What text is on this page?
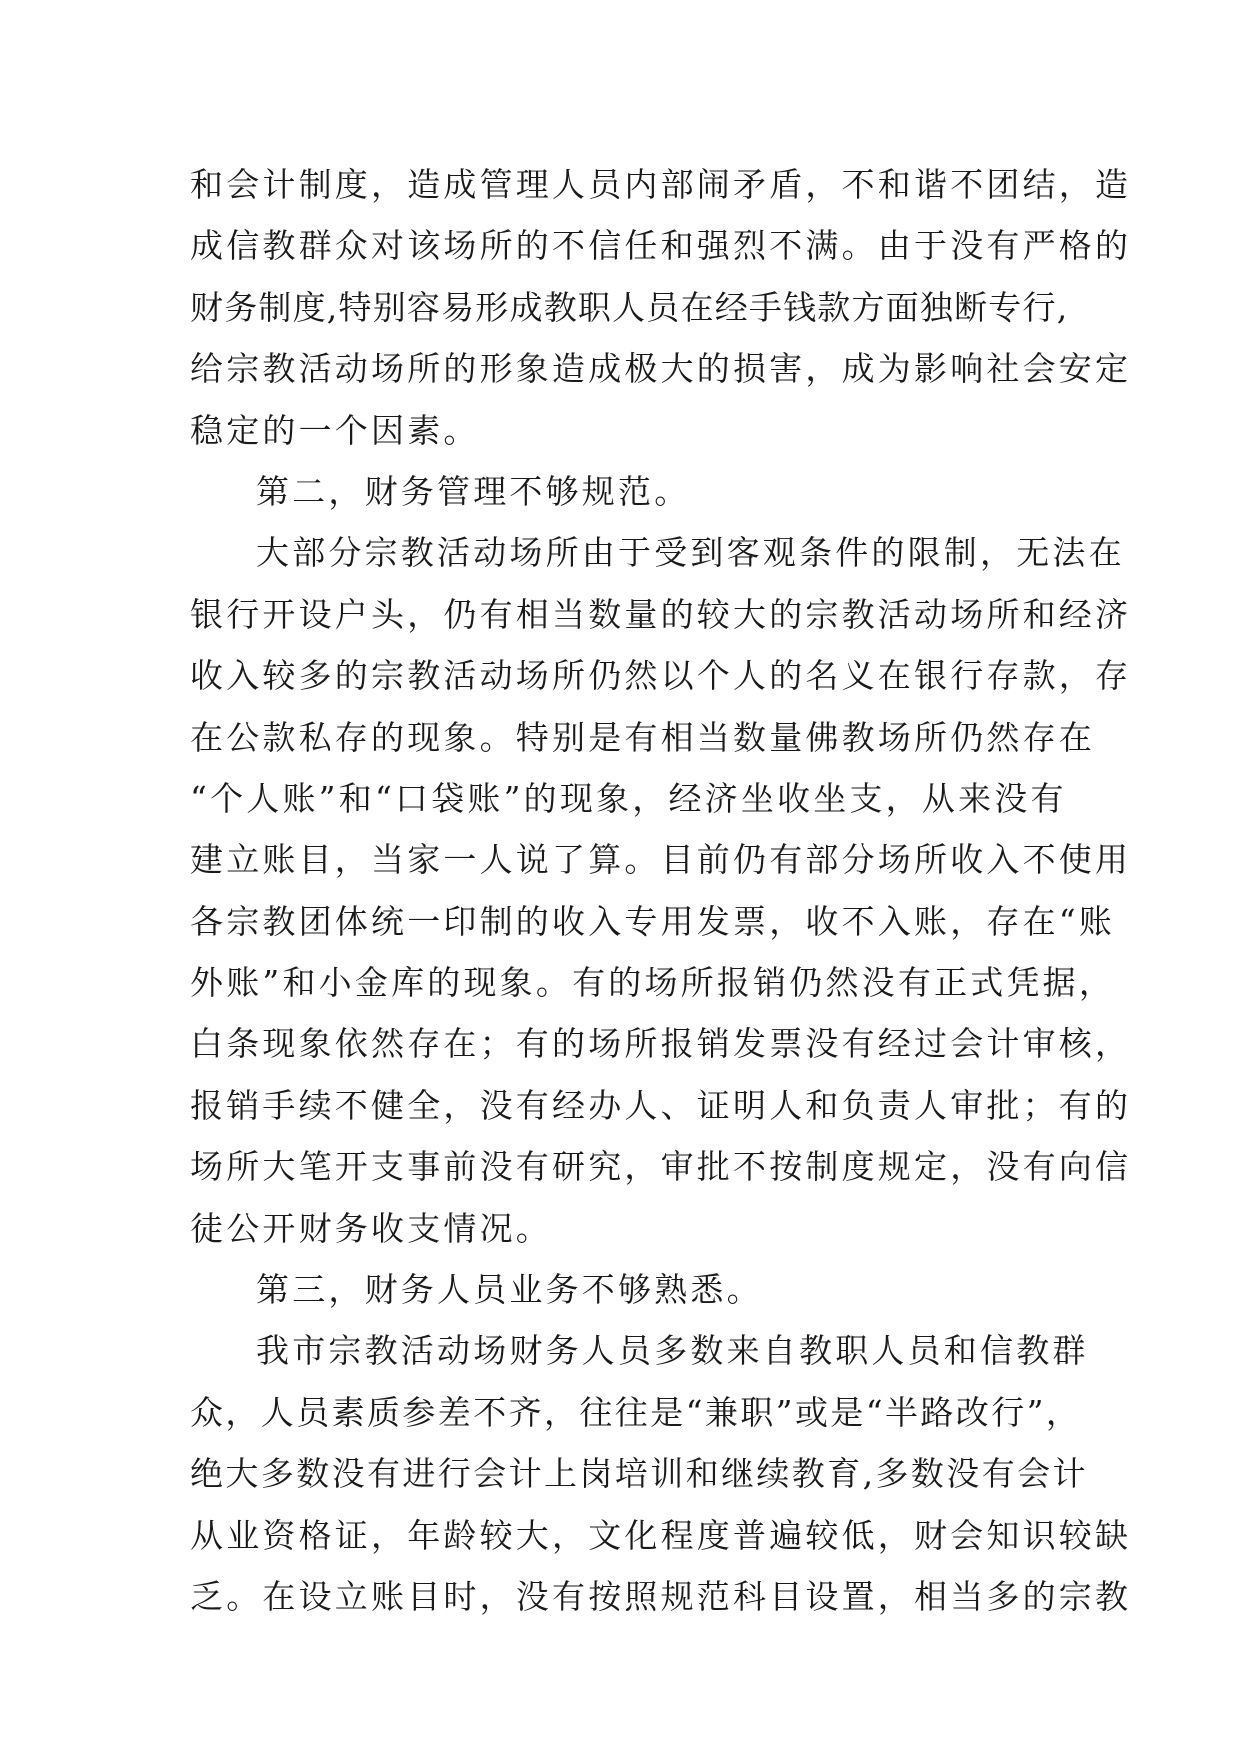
和会计制度，造成管理人员内部闹矛盾，不和谐不团结，造
成信教群众对该场所的不信任和强烈不满。由于没有严格的
财务制度,特别容易形成教职人员在经手钱款方面独断专行,
给宗教活动场所的形象造成极大的损害，成为影响社会安定
稳定的一个因素。
第二，财务管理不够规范。
大部分宗教活动场所由于受到客观条件的限制，无法在
银行开设户头，仍有相当数量的较大的宗教活动场所和经济
收入较多的宗教活动场所仍然以个人的名义在银行存款，存
在公款私存的现象。特别是有相当数量佛教场所仍然存在
“个人账”和“口袋账”的现象，经济坐收坐支，从来没有
建立账目，当家一人说了算。目前仍有部分场所收入不使用
各宗教团体统一印制的收入专用发票，收不入账，存在“账
外账”和小金库的现象。有的场所报销仍然没有正式凭据，
白条现象依然存在；有的场所报销发票没有经过会计审核，
报销手续不健全，没有经办人、证明人和负责人审批；有的
场所大笔开支事前没有研究，审批不按制度规定，没有向信
徒公开财务收支情况。
第三，财务人员业务不够熟悉。
我市宗教活动场财务人员多数来自教职人员和信教群
众，人员素质参差不齐，往往是“兼职”或是“半路改行”，
绝大多数没有进行会计上岗培训和继续教育,多数没有会计
从业资格证，年龄较大，文化程度普遍较低，财会知识较缺
乏。在设立账目时，没有按照规范科目设置，相当多的宗教
